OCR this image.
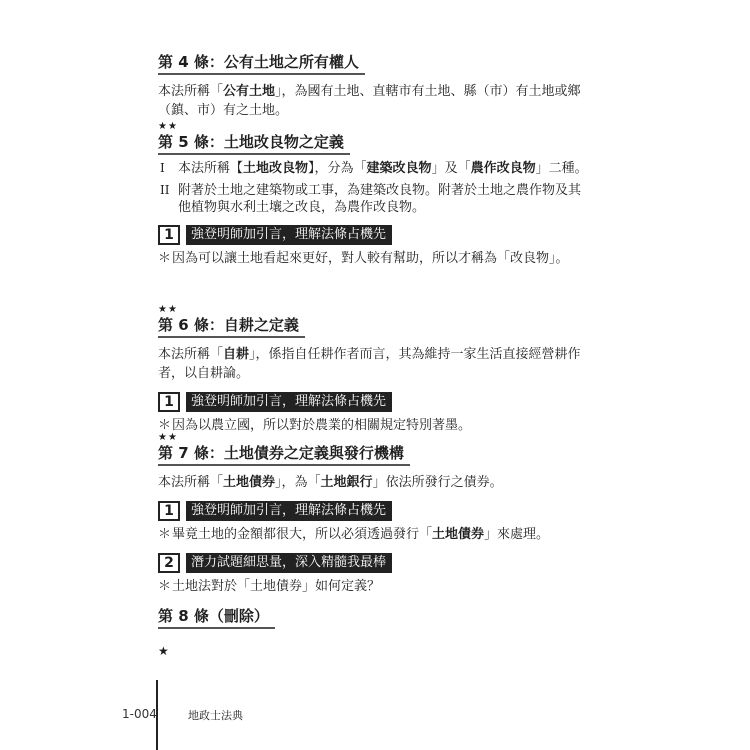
第 4 條：公有土地之所有權人
本法所稱「公有土地」，為國有土地、直轄市有土地、縣（市）有土地或鄉（鎮、市）有之土地。
★★
第 5 條：土地改良物之定義
I 本法所稱【土地改良物】，分為「建築改良物」及「農作改良物」二種。
II 附著於土地之建築物或工事，為建築改良物。附著於土地之農作物及其他植物與水利土壤之改良，為農作改良物。
1	強登明師加引言，理解法條占機先
＊ 因為可以讓土地看起來更好，對人較有幫助，所以才稱為「改良物」。
★★
第 6 條：自耕之定義
本法所稱「自耕」，係指自任耕作者而言，其為維持一家生活直接經營耕作者，以自耕論。
1	強登明師加引言，理解法條占機先
＊ 因為以農立國，所以對於農業的相關規定特別著墨。
★★
第 7 條：土地債券之定義與發行機構
本法所稱「土地債券」，為「土地銀行」依法所發行之債券。
1	強登明師加引言，理解法條占機先
＊ 畢竟土地的金額都很大，所以必須透過發行「土地債券」來處理。
2	潛力試題細思量，深入精髓我最棒
＊ 土地法對於「土地債券」如何定義？
第 8 條（刪除）
★
1-004	地政士法典
